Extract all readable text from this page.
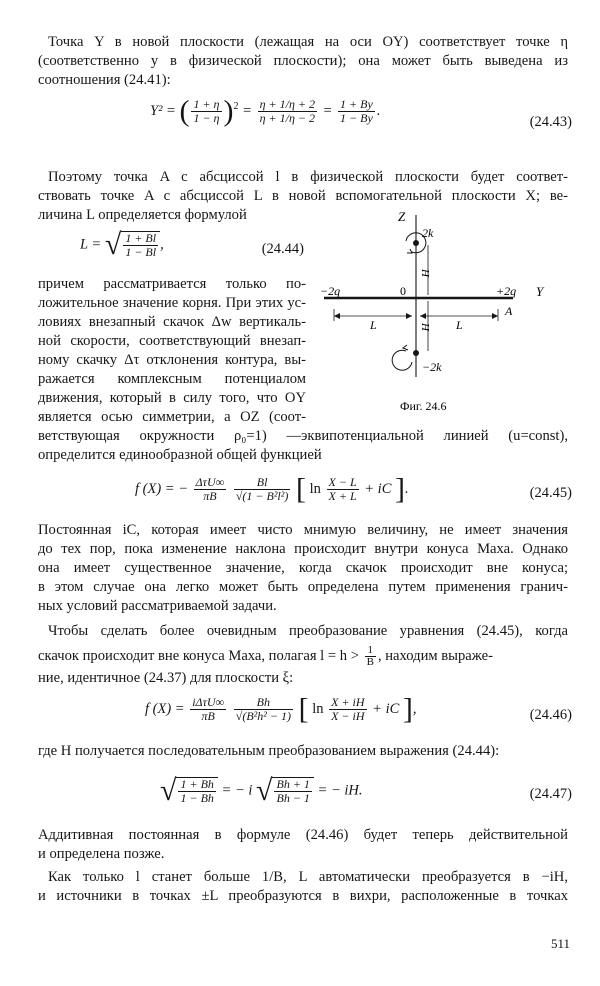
Точка Y в новой плоскости (лежащая на оси OY) соответствует точке η
(соответственно y в физической плоскости); она может быть выведена из
соотношения (24.41):
Y² = ( $\frac{1 + \eta}{1 - \eta} )^2 = \frac{\eta + 1/\eta + 2}{\eta + 1/\eta - 2} = \frac{1 + By}{1 - By}$ .
(24.43)
Поэтому точка A с абсциссой l в физической плоскости будет соответ-
ствовать точке A с абсциссой L в новой вспомогательной плоскости X; ве-
личина L определяется формулой
L = √ $\frac{1 + Bl}{1 - Bl}$ ,	(24.44)
причем рассматривается только по-
ложительное значение корня. При этих ус-
ловиях внезапный скачок Δw вертикаль-
ной скорости, соответствующий внезап-
ному скачку Δτ отклонения контура, вы-
ражается комплексным потенциалом
движения, который в силу того, что OY
является осью симметрии, а OZ (соот-
ветствующая окружности ρ₀=1) —эквипотенциальной линией (u=const),
определится единообразной общей функцией
Z
Y
0
−2q	+2q
A
2k
−2k
H
H
L	L
Фиг. 24.6
f (X) = − ΔτU∞
πB
	$\frac{Bl}{\text{√(1 − B²l²)}}$ [ $\ln \frac{X - L}{X + L}$ + iC ].	(24.45)
Постоянная iC, которая имеет чисто мнимую величину, не имеет значения
до тех пор, пока изменение наклона происходит внутри конуса Маха. Однако
она имеет существенное значение, когда скачок происходит вне конуса;
в этом случае она легко может быть определена путем применения гранич-
ных условий рассматриваемой задачи.
Чтобы сделать более очевидным преобразование уравнения (24.45), когда
скачок происходит вне конуса Маха, полагая $l = h > \frac{1}{B}$ , находим выраже-
ние, идентичное (24.37) для плоскости ξ:
f (X) = iΔτU∞
πB
	$\frac{Bh}{\text{√(B²h² − 1)}}$ [ $\ln \frac{X + iH}{X - iH}$ + iC ],	(24.46)
где H получается последовательным преобразованием выражения (24.44):
√ $\frac{1 + Bh}{1 - Bh}$ = − i √ $\frac{Bh + 1}{Bh - 1}$ = − iH.	(24.47)
Аддитивная постоянная в формуле (24.46) будет теперь действительной
и определена позже.
Как только l станет больше 1/B, L автоматически преобразуется в −iH,
и источники в точках ±L преобразуются в вихри, расположенные в точках
511
